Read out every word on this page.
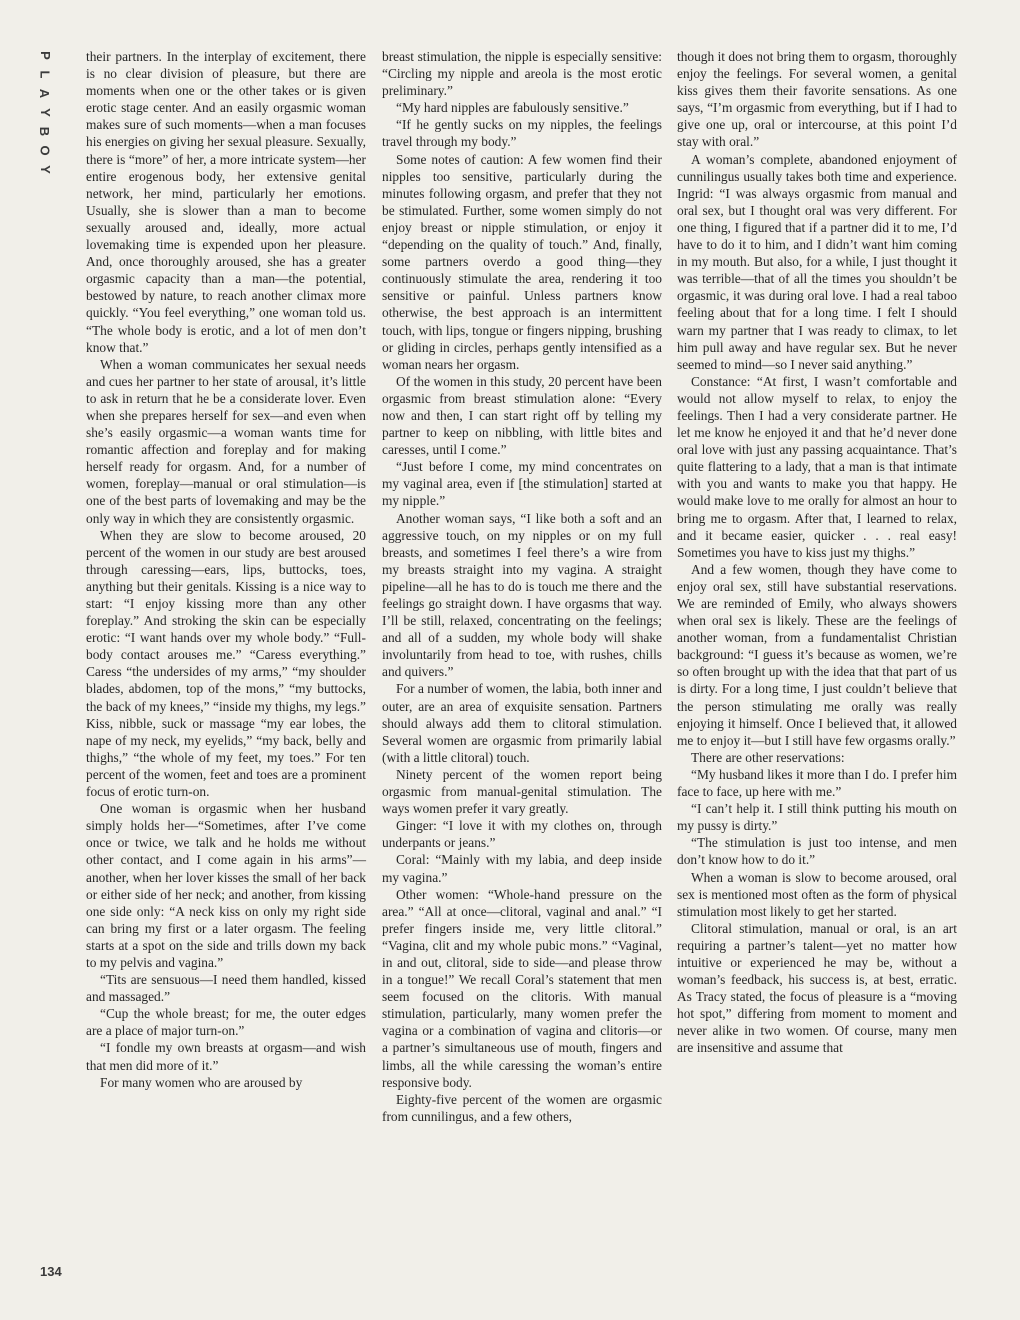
P
L
A
Y
B
O
Y

their partners. In the interplay of excitement, there is no clear division of pleasure, but there are moments when one or the other takes or is given erotic stage center. And an easily orgasmic woman makes sure of such moments—when a man focuses his energies on giving her sexual pleasure. Sexually, there is “more” of her, a more intricate system—her entire erogenous body, her extensive genital network, her mind, particularly her emotions. Usually, she is slower than a man to become sexually aroused and, ideally, more actual lovemaking time is expended upon her pleasure. And, once thoroughly aroused, she has a greater orgasmic capacity than a man—the potential, bestowed by nature, to reach another climax more quickly. “You feel everything,” one woman told us. “The whole body is erotic, and a lot of men don’t know that.”

When a woman communicates her sexual needs and cues her partner to her state of arousal, it’s little to ask in return that he be a considerate lover. Even when she prepares herself for sex—and even when she’s easily orgasmic—a woman wants time for romantic affection and foreplay and for making herself ready for orgasm. And, for a number of women, foreplay—manual or oral stimulation—is one of the best parts of lovemaking and may be the only way in which they are consistently orgasmic.

When they are slow to become aroused, 20 percent of the women in our study are best aroused through caressing—ears, lips, buttocks, toes, anything but their genitals. Kissing is a nice way to start: “I enjoy kissing more than any other foreplay.” And stroking the skin can be especially erotic: “I want hands over my whole body.” “Full-body contact arouses me.” “Caress everything.” Caress “the undersides of my arms,” “my shoulder blades, abdomen, top of the mons,” “my buttocks, the back of my knees,” “inside my thighs, my legs.” Kiss, nibble, suck or massage “my ear lobes, the nape of my neck, my eyelids,” “my back, belly and thighs,” “the whole of my feet, my toes.” For ten percent of the women, feet and toes are a prominent focus of erotic turn-on.

One woman is orgasmic when her husband simply holds her—“Sometimes, after I’ve come once or twice, we talk and he holds me without other contact, and I come again in his arms”—another, when her lover kisses the small of her back or either side of her neck; and another, from kissing one side only: “A neck kiss on only my right side can bring my first or a later orgasm. The feeling starts at a spot on the side and trills down my back to my pelvis and vagina.”

“Tits are sensuous—I need them handled, kissed and massaged.”

“Cup the whole breast; for me, the outer edges are a place of major turn-on.”

“I fondle my own breasts at orgasm—and wish that men did more of it.”

For many women who are aroused by

breast stimulation, the nipple is especially sensitive: “Circling my nipple and areola is the most erotic preliminary.”

“My hard nipples are fabulously sensitive.”

“If he gently sucks on my nipples, the feelings travel through my body.”

Some notes of caution: A few women find their nipples too sensitive, particularly during the minutes following orgasm, and prefer that they not be stimulated. Further, some women simply do not enjoy breast or nipple stimulation, or enjoy it “depending on the quality of touch.” And, finally, some partners overdo a good thing—they continuously stimulate the area, rendering it too sensitive or painful. Unless partners know otherwise, the best approach is an intermittent touch, with lips, tongue or fingers nipping, brushing or gliding in circles, perhaps gently intensified as a woman nears her orgasm.

Of the women in this study, 20 percent have been orgasmic from breast stimulation alone: “Every now and then, I can start right off by telling my partner to keep on nibbling, with little bites and caresses, until I come.”

“Just before I come, my mind concentrates on my vaginal area, even if [the stimulation] started at my nipple.”

Another woman says, “I like both a soft and an aggressive touch, on my nipples or on my full breasts, and sometimes I feel there’s a wire from my breasts straight into my vagina. A straight pipeline—all he has to do is touch me there and the feelings go straight down. I have orgasms that way. I’ll be still, relaxed, concentrating on the feelings; and all of a sudden, my whole body will shake involuntarily from head to toe, with rushes, chills and quivers.”

For a number of women, the labia, both inner and outer, are an area of exquisite sensation. Partners should always add them to clitoral stimulation. Several women are orgasmic from primarily labial (with a little clitoral) touch.

Ninety percent of the women report being orgasmic from manual-genital stimulation. The ways women prefer it vary greatly.

Ginger: “I love it with my clothes on, through underpants or jeans.”

Coral: “Mainly with my labia, and deep inside my vagina.”

Other women: “Whole-hand pressure on the area.” “All at once—clitoral, vaginal and anal.” “I prefer fingers inside me, very little clitoral.” “Vagina, clit and my whole pubic mons.” “Vaginal, in and out, clitoral, side to side—and please throw in a tongue!” We recall Coral’s statement that men seem focused on the clitoris. With manual stimulation, particularly, many women prefer the vagina or a combination of vagina and clitoris—or a partner’s simultaneous use of mouth, fingers and limbs, all the while caressing the woman’s entire responsive body.

Eighty-five percent of the women are orgasmic from cunnilingus, and a few others,

though it does not bring them to orgasm, thoroughly enjoy the feelings. For several women, a genital kiss gives them their favorite sensations. As one says, “I’m orgasmic from everything, but if I had to give one up, oral or intercourse, at this point I’d stay with oral.”

A woman’s complete, abandoned enjoyment of cunnilingus usually takes both time and experience. Ingrid: “I was always orgasmic from manual and oral sex, but I thought oral was very different. For one thing, I figured that if a partner did it to me, I’d have to do it to him, and I didn’t want him coming in my mouth. But also, for a while, I just thought it was terrible—that of all the times you shouldn’t be orgasmic, it was during oral love. I had a real taboo feeling about that for a long time. I felt I should warn my partner that I was ready to climax, to let him pull away and have regular sex. But he never seemed to mind—so I never said anything.”

Constance: “At first, I wasn’t comfortable and would not allow myself to relax, to enjoy the feelings. Then I had a very considerate partner. He let me know he enjoyed it and that he’d never done oral love with just any passing acquaintance. That’s quite flattering to a lady, that a man is that intimate with you and wants to make you that happy. He would make love to me orally for almost an hour to bring me to orgasm. After that, I learned to relax, and it became easier, quicker . . . real easy! Sometimes you have to kiss just my thighs.”

And a few women, though they have come to enjoy oral sex, still have substantial reservations. We are reminded of Emily, who always showers when oral sex is likely. These are the feelings of another woman, from a fundamentalist Christian background: “I guess it’s because as women, we’re so often brought up with the idea that that part of us is dirty. For a long time, I just couldn’t believe that the person stimulating me orally was really enjoying it himself. Once I believed that, it allowed me to enjoy it—but I still have few orgasms orally.”

There are other reservations:

“My husband likes it more than I do. I prefer him face to face, up here with me.”

“I can’t help it. I still think putting his mouth on my pussy is dirty.”

“The stimulation is just too intense, and men don’t know how to do it.”

When a woman is slow to become aroused, oral sex is mentioned most often as the form of physical stimulation most likely to get her started.

Clitoral stimulation, manual or oral, is an art requiring a partner’s talent—yet no matter how intuitive or experienced he may be, without a woman’s feedback, his success is, at best, erratic. As Tracy stated, the focus of pleasure is a “moving hot spot,” differing from moment to moment and never alike in two women. Of course, many men are insensitive and assume that

134
